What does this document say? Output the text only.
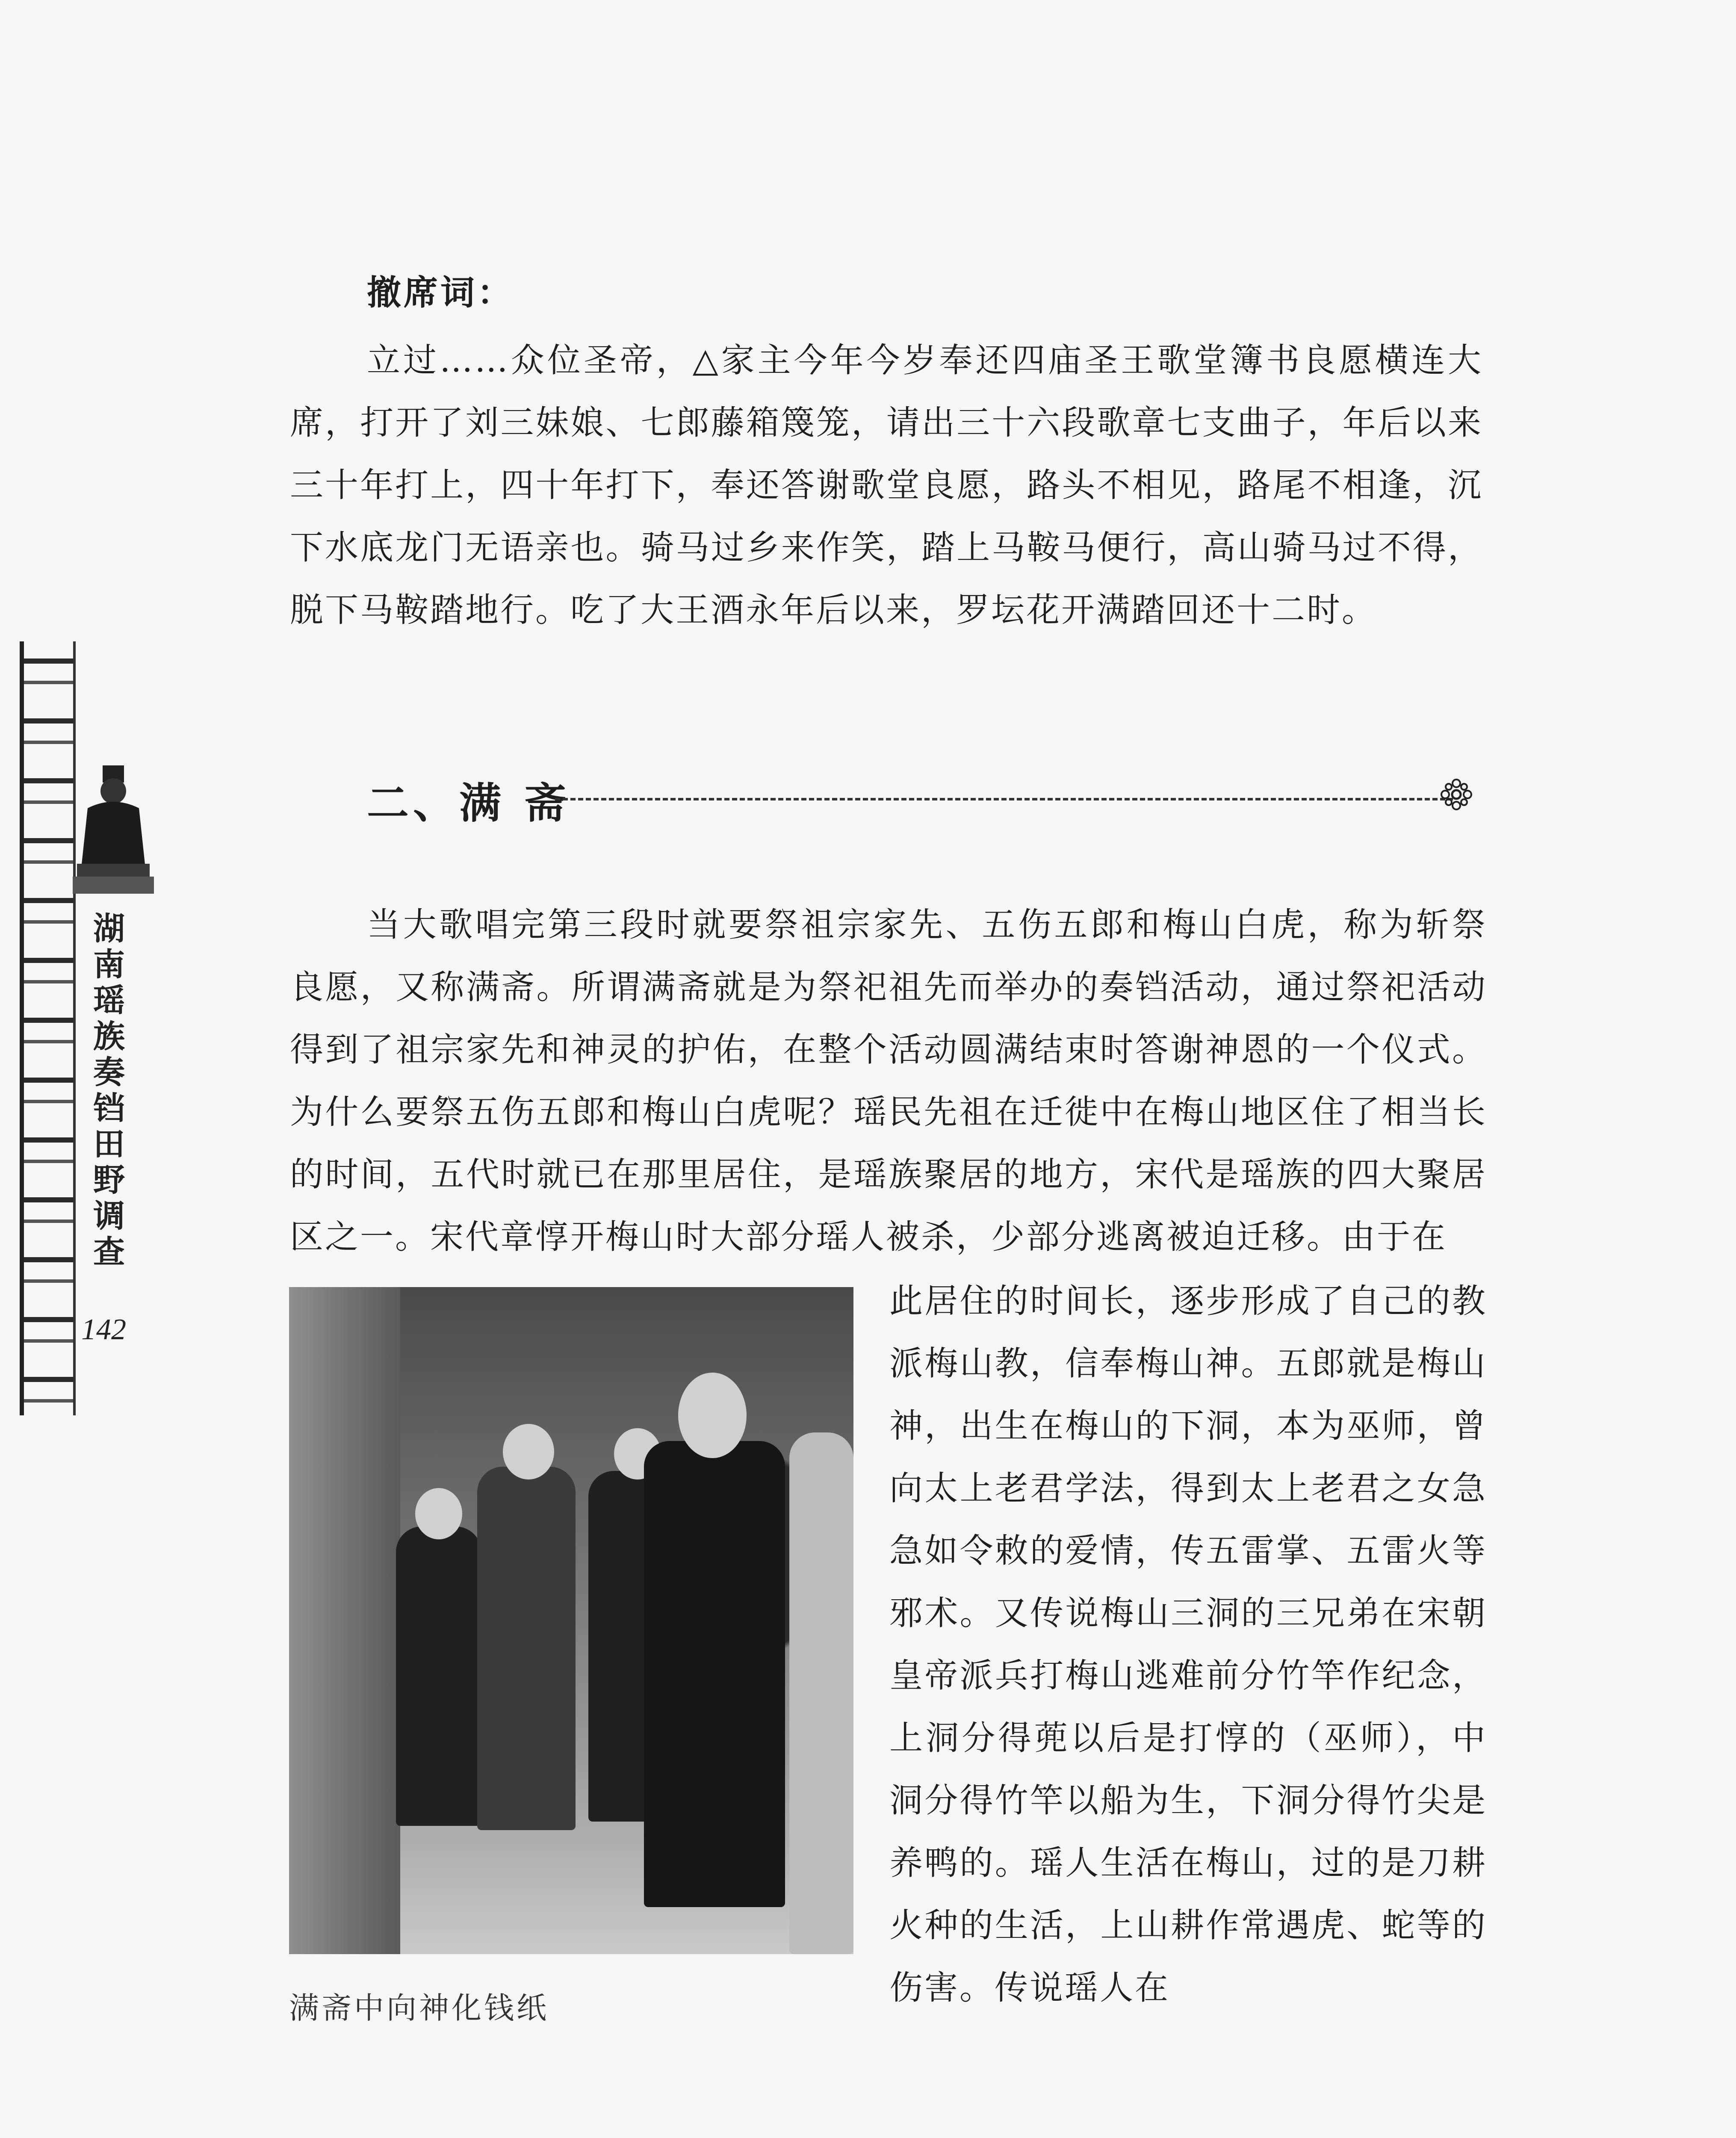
湖
南
瑶
族
奏
铛
田
野
调
查
142
撤席词：

立过……众位圣帝，△家主今年今岁奉还四庙圣王歌堂簿书良愿横连大席，打开了刘三妹娘、七郎藤箱篾笼，请出三十六段歌章七支曲子，年后以来三十年打上，四十年打下，奉还答谢歌堂良愿，路头不相见，路尾不相逢，沉下水底龙门无语亲也。骑马过乡来作笑，踏上马鞍马便行，高山骑马过不得，脱下马鞍踏地行。吃了大王酒永年后以来，罗坛花开满踏回还十二时。

二、满 斋

当大歌唱完第三段时就要祭祖宗家先、五伤五郎和梅山白虎，称为斩祭良愿，又称满斋。所谓满斋就是为祭祀祖先而举办的奏铛活动，通过祭祀活动得到了祖宗家先和神灵的护佑，在整个活动圆满结束时答谢神恩的一个仪式。为什么要祭五伤五郎和梅山白虎呢？瑶民先祖在迁徙中在梅山地区住了相当长的时间，五代时就已在那里居住，是瑶族聚居的地方，宋代是瑶族的四大聚居区之一。宋代章惇开梅山时大部分瑶人被杀，少部分逃离被迫迁移。由于在

此居住的时间长，逐步形成了自己的教派梅山教，信奉梅山神。五郎就是梅山神，出生在梅山的下洞，本为巫师，曾向太上老君学法，得到太上老君之女急急如令敕的爱情，传五雷掌、五雷火等邪术。又传说梅山三洞的三兄弟在宋朝皇帝派兵打梅山逃难前分竹竿作纪念，上洞分得蔸以后是打惇的（巫师），中洞分得竹竿以船为生，下洞分得竹尖是养鸭的。瑶人生活在梅山，过的是刀耕火种的生活，上山耕作常遇虎、蛇等的伤害。传说瑶人在

满斋中向神化钱纸
